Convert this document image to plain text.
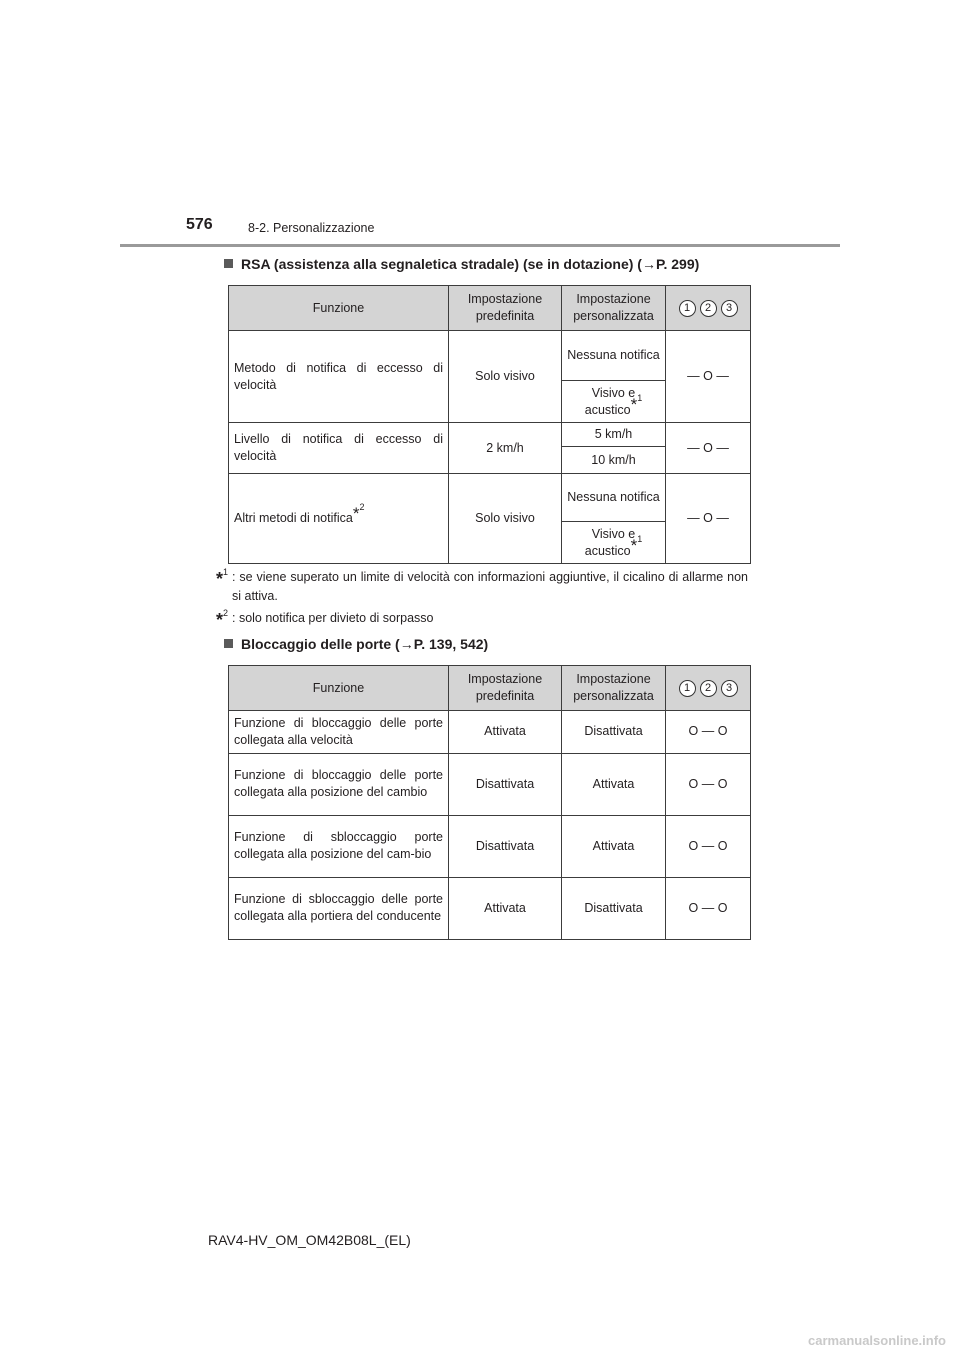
576	8-2. Personalizzazione
RSA (assistenza alla segnaletica stradale) (se in dotazione) (→P. 299)
Funzione	Impostazione predefinita	Impostazione personalizzata	1 2 3
Metodo di notifica di eccesso di velocità	Solo visivo	Nessuna notifica	— O —
		Visivo e acustico$^{*^1}$
Livello di notifica di eccesso di velocità	2 km/h	5 km/h	— O —
		10 km/h	
Altri metodi di notifica$^{*^2}$	Solo visivo	Nessuna notifica	— O —
		Visivo e acustico$^{*^1}$
*$^1$ : se viene superato un limite di velocità con informazioni aggiuntive, il cicalino di allarme non si attiva.
*$^2$ : solo notifica per divieto di sorpasso
Bloccaggio delle porte (→P. 139, 542)
Funzione	Impostazione predefinita	Impostazione personalizzata	1 2 3
Funzione di bloccaggio delle porte collegata alla velocità	Attivata	Disattivata	O — O
Funzione di bloccaggio delle porte collegata alla posizione del cambio	Disattivata	Attivata	O — O
Funzione di sbloccaggio porte collegata alla posizione del cam-bio	Disattivata	Attivata	O — O
Funzione di sbloccaggio delle porte collegata alla portiera del conducente	Attivata	Disattivata	O — O
RAV4-HV_OM_OM42B08L_(EL)
carmanualsonline.info
